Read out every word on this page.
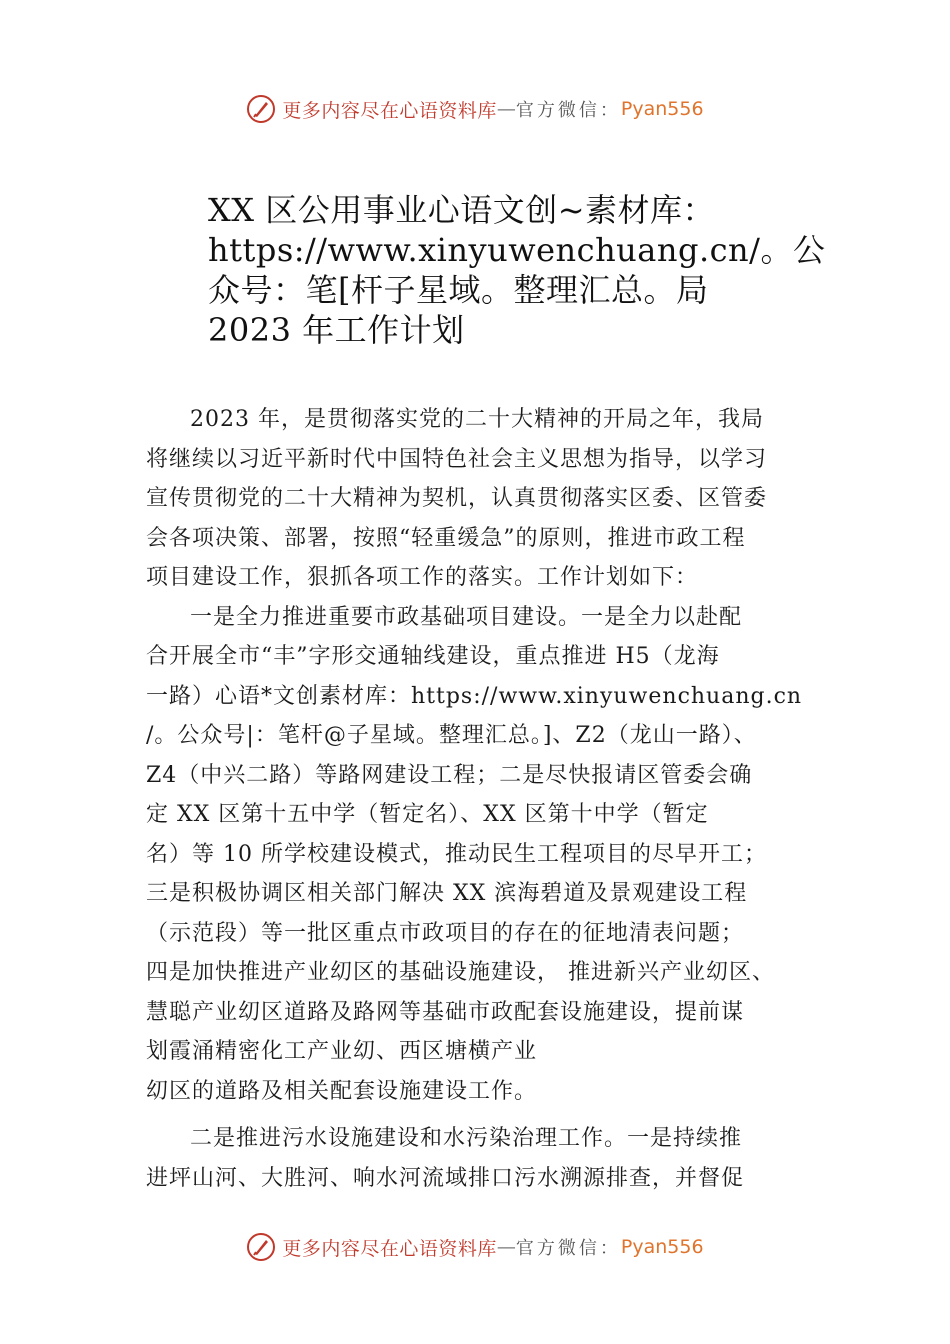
更多内容尽在心语资料库 — 官方微信： Pyan556
XX 区公用事业心语文创~素材库：
https://www.xinyuwenchuang.cn/。公
众号：笔[杆子星域。整理汇总。局
2023 年工作计划
2023 年，是贯彻落实党的二十大精神的开局之年，我局
将继续以习近平新时代中国特色社会主义思想为指导，以学习
宣传贯彻党的二十大精神为契机，认真贯彻落实区委、区管委
会各项决策、部署，按照“轻重缓急”的原则，推进市政工程
项目建设工作，狠抓各项工作的落实。工作计划如下：
一是全力推进重要市政基础项目建设。一是全力以赴配
合开展全市“丰”字形交通轴线建设，重点推进 H5（龙海
一路）心语*文创素材库：https://www.xinyuwenchuang.cn
/。公众号|：笔杆@子星域。整理汇总。]、Z2（龙山一路）、
Z4（中兴二路）等路网建设工程；二是尽快报请区管委会确
定 XX 区第十五中学（暂定名）、XX 区第十中学（暂定
名）等 10 所学校建设模式，推动民生工程项目的尽早开工；
三是积极协调区相关部门解决 XX 滨海碧道及景观建设工程
（示范段）等一批区重点市政项目的存在的征地清表问题；
四是加快推进产业㓜区的基础设施建设， 推进新兴产业㓜区、
慧聪产业㓜区道路及路网等基础市政配套设施建设，提前谋
划霞涌精密化工产业㓜、西区塘横产业
㓜区的道路及相关配套设施建设工作。
二是推进污水设施建设和水污染治理工作。一是持续推
进坪山河、大胜河、响水河流域排口污水溯源排查，并督促
更多内容尽在心语资料库 — 官方微信： Pyan556
